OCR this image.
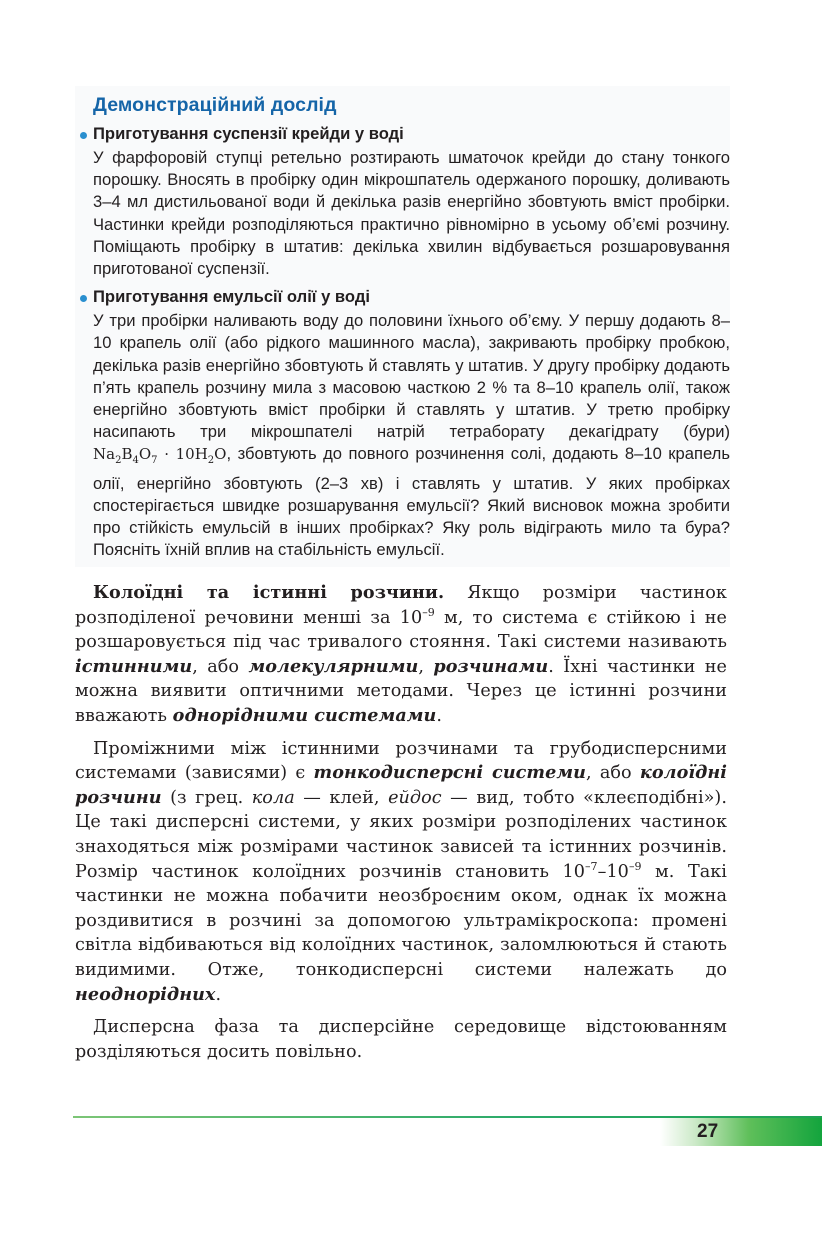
Демонстраційний дослід
Приготування суспензії крейди у воді
У фарфоровій ступці ретельно розтирають шматочок крейди до стану тонкого порошку. Вносять в пробірку один мікрошпатель одержаного порошку, доливають 3–4 мл дистильованої води й декілька разів енергійно збовтують вміст пробірки. Частинки крейди розподіляються практично рівномірно в усьому об’ємі розчину. Поміщають пробірку в штатив: декілька хвилин відбувається розшаровування приготованої суспензії.
Приготування емульсії олії у воді
У три пробірки наливають воду до половини їхнього об’єму. У першу додають 8–10 крапель олії (або рідкого машинного масла), закривають пробірку пробкою, декілька разів енергійно збовтують й ставлять у штатив. У другу пробірку додають п’ять крапель розчину мила з масовою часткою 2 % та 8–10 крапель олії, також енергійно збовтують вміст пробірки й ставлять у штатив. У третю пробірку насипають три мікрошпателі натрій тетраборату декагідрату (бури) $Na_2B_4O_7 \cdot 10H_2O$, збовтують до повного розчинення солі, додають 8–10 крапель олії, енергійно збовтують (2–3 хв) і ставлять у штатив. У яких пробірках спостерігається швидке розшарування емульсії? Який висновок можна зробити про стійкість емульсій в інших пробірках? Яку роль відіграють мило та бура? Поясніть їхній вплив на стабільність емульсії.

Колоїдні та істинні розчини. Якщо розміри частинок розподіленої речовини менші за $10^{-9}$ м, то система є стійкою і не розшаровується під час тривалого стояння. Такі системи називають істинними, або молекулярними, розчинами. Їхні частинки не можна виявити оптичними методами. Через це істинні розчини вважають однорідними системами.

Проміжними між істинними розчинами та грубодисперсними системами (зависями) є тонкодисперсні системи, або колоїдні розчини (з грец. кола — клей, ейдос — вид, тобто «клеєподібні»). Це такі дисперсні системи, у яких розміри розподілених частинок знаходяться між розмірами частинок зависей та істинних розчинів. Розмір частинок колоїдних розчинів становить $10^{-7}-10^{-9}$ м. Такі частинки не можна побачити неозброєним оком, однак їх можна роздивитися в розчині за допомогою ультрамікроскопа: промені світла відбиваються від колоїдних частинок, заломлюються й стають видимими. Отже, тонкодисперсні системи належать до неоднорідних.

Дисперсна фаза та дисперсійне середовище відстоюванням розділяються досить повільно.

27
